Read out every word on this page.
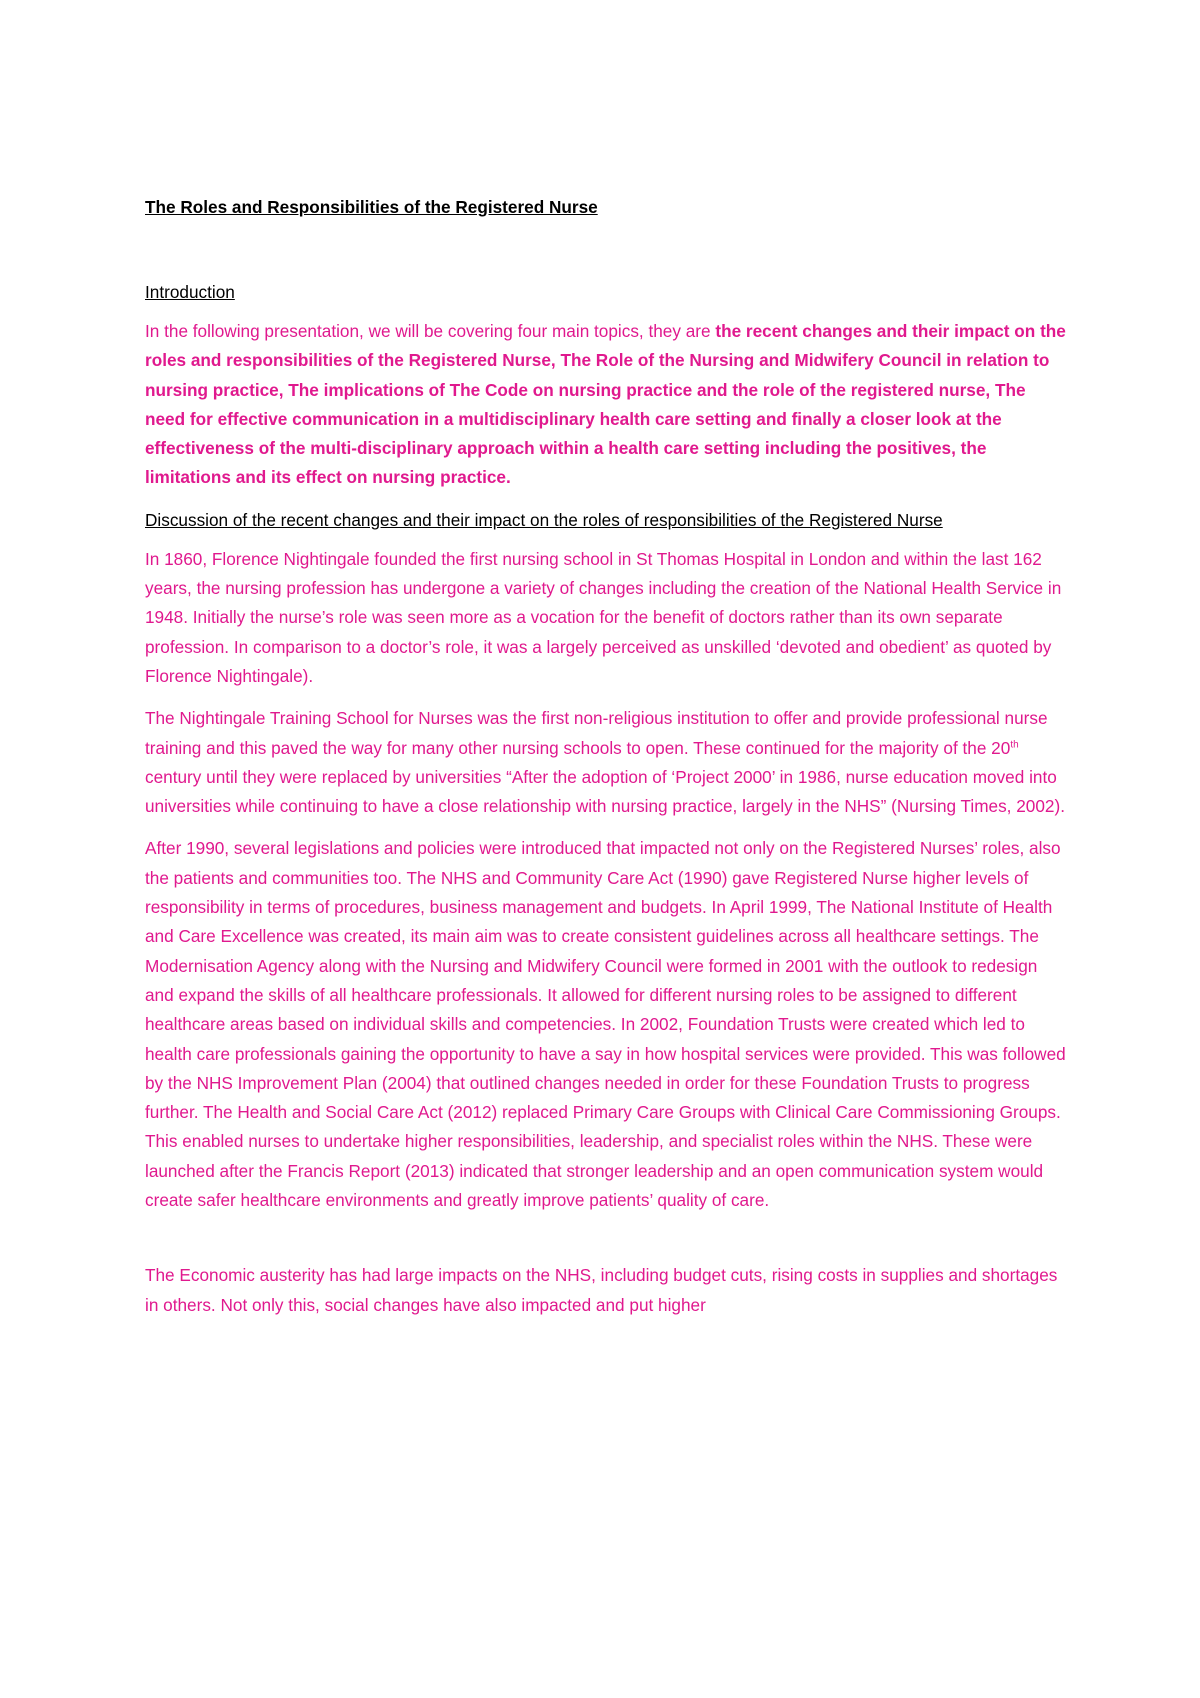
The Roles and Responsibilities of the Registered Nurse

Introduction

In the following presentation, we will be covering four main topics, they are the recent changes and their impact on the roles and responsibilities of the Registered Nurse, The Role of the Nursing and Midwifery Council in relation to nursing practice, The implications of The Code on nursing practice and the role of the registered nurse, The need for effective communication in a multidisciplinary health care setting and finally a closer look at the effectiveness of the multi-disciplinary approach within a health care setting including the positives, the limitations and its effect on nursing practice.

Discussion of the recent changes and their impact on the roles of responsibilities of the Registered Nurse

In 1860, Florence Nightingale founded the first nursing school in St Thomas Hospital in London and within the last 162 years, the nursing profession has undergone a variety of changes including the creation of the National Health Service in 1948. Initially the nurse’s role was seen more as a vocation for the benefit of doctors rather than its own separate profession. In comparison to a doctor’s role, it was a largely perceived as unskilled ‘devoted and obedient’ as quoted by Florence Nightingale).

The Nightingale Training School for Nurses was the first non-religious institution to offer and provide professional nurse training and this paved the way for many other nursing schools to open. These continued for the majority of the 20th century until they were replaced by universities “After the adoption of ‘Project 2000’ in 1986, nurse education moved into universities while continuing to have a close relationship with nursing practice, largely in the NHS” (Nursing Times, 2002).

After 1990, several legislations and policies were introduced that impacted not only on the Registered Nurses’ roles, also the patients and communities too. The NHS and Community Care Act (1990) gave Registered Nurse higher levels of responsibility in terms of procedures, business management and budgets. In April 1999, The National Institute of Health and Care Excellence was created, its main aim was to create consistent guidelines across all healthcare settings. The Modernisation Agency along with the Nursing and Midwifery Council were formed in 2001 with the outlook to redesign and expand the skills of all healthcare professionals. It allowed for different nursing roles to be assigned to different healthcare areas based on individual skills and competencies. In 2002, Foundation Trusts were created which led to health care professionals gaining the opportunity to have a say in how hospital services were provided. This was followed by the NHS Improvement Plan (2004) that outlined changes needed in order for these Foundation Trusts to progress further. The Health and Social Care Act (2012) replaced Primary Care Groups with Clinical Care Commissioning Groups. This enabled nurses to undertake higher responsibilities, leadership, and specialist roles within the NHS. These were launched after the Francis Report (2013) indicated that stronger leadership and an open communication system would create safer healthcare environments and greatly improve patients’ quality of care.

The Economic austerity has had large impacts on the NHS, including budget cuts, rising costs in supplies and shortages in others. Not only this, social changes have also impacted and put higher
